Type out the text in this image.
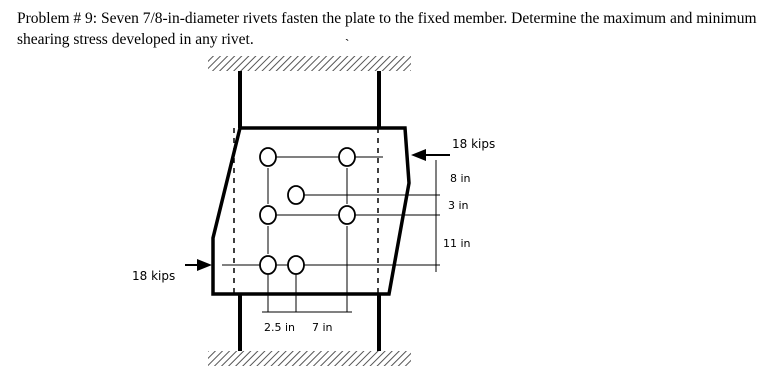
Problem # 9: Seven 7/8-in-diameter rivets fasten the plate to the fixed member. Determine the maximum and minimum shearing stress developed in any rivet.	ˋ
18 kips
18 kips
8 in
3 in
11 in
2.5 in 7 in
